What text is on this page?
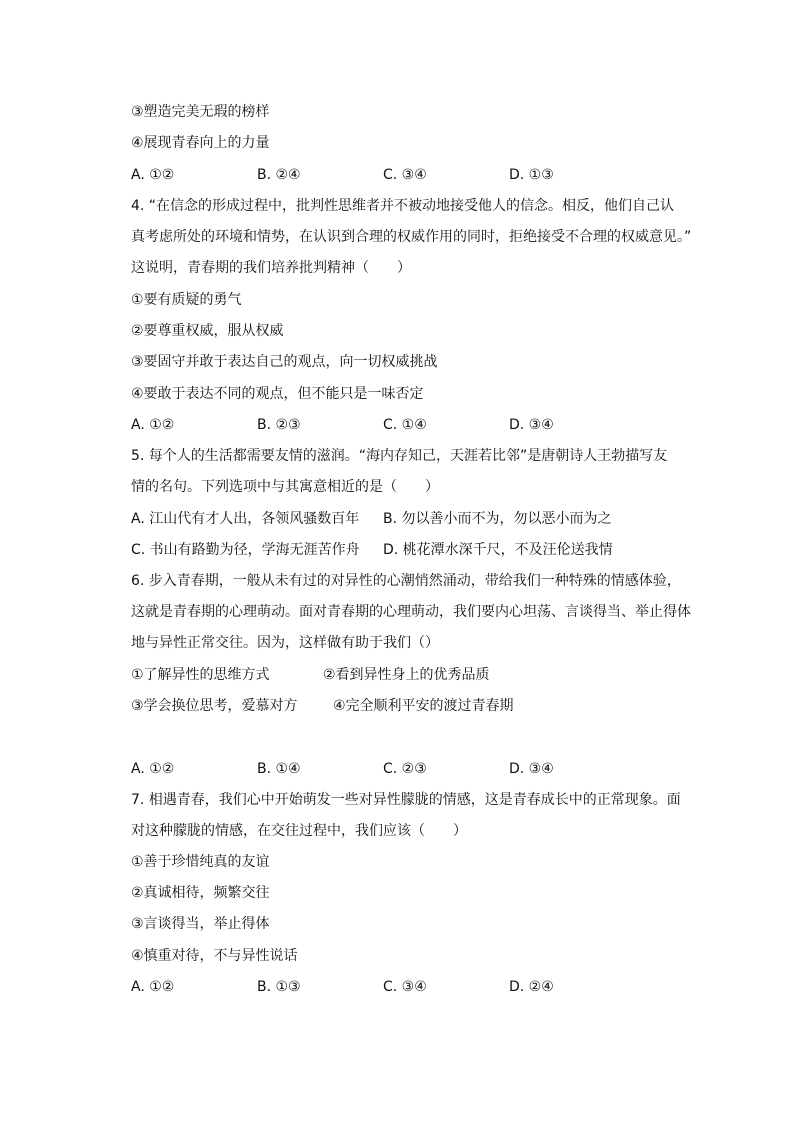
③塑造完美无瑕的榜样
④展现青春向上的力量
A. ①②	B. ②④	C. ③④	D. ①③
4. “在信念的形成过程中，批判性思维者并不被动地接受他人的信念。相反，他们自己认
真考虑所处的环境和情势，在认识到合理的权威作用的同时，拒绝接受不合理的权威意见。”
这说明，青春期的我们培养批判精神（　　）
①要有质疑的勇气
②要尊重权威，服从权威
③要固守并敢于表达自己的观点，向一切权威挑战
④要敢于表达不同的观点，但不能只是一味否定
A. ①②	B. ②③	C. ①④	D. ③④
5. 每个人的生活都需要友情的滋润。“海内存知己，天涯若比邻”是唐朝诗人王勃描写友
情的名句。下列选项中与其寓意相近的是（　　）
A. 江山代有才人出，各领风骚数百年 B. 勿以善小而不为，勿以恶小而为之
C. 书山有路勤为径，学海无涯苦作舟 D. 桃花潭水深千尺，不及汪伦送我情
6. 步入青春期，一般从未有过的对异性的心潮悄然涌动，带给我们一种特殊的情感体验，
这就是青春期的心理萌动。面对青春期的心理萌动，我们要内心坦荡、言谈得当、举止得体
地与异性正常交往。因为，这样做有助于我们（）
①了解异性的思维方式	②看到异性身上的优秀品质
③学会换位思考，爱慕对方	④完全顺利平安的渡过青春期
A. ①②	B. ①④	C. ②③	D. ③④
7. 相遇青春，我们心中开始萌发一些对异性朦胧的情感，这是青春成长中的正常现象。面
对这种朦胧的情感，在交往过程中，我们应该（　　）
①善于珍惜纯真的友谊
②真诚相待，频繁交往
③言谈得当，举止得体
④慎重对待，不与异性说话
A. ①②	B. ①③	C. ③④	D. ②④
